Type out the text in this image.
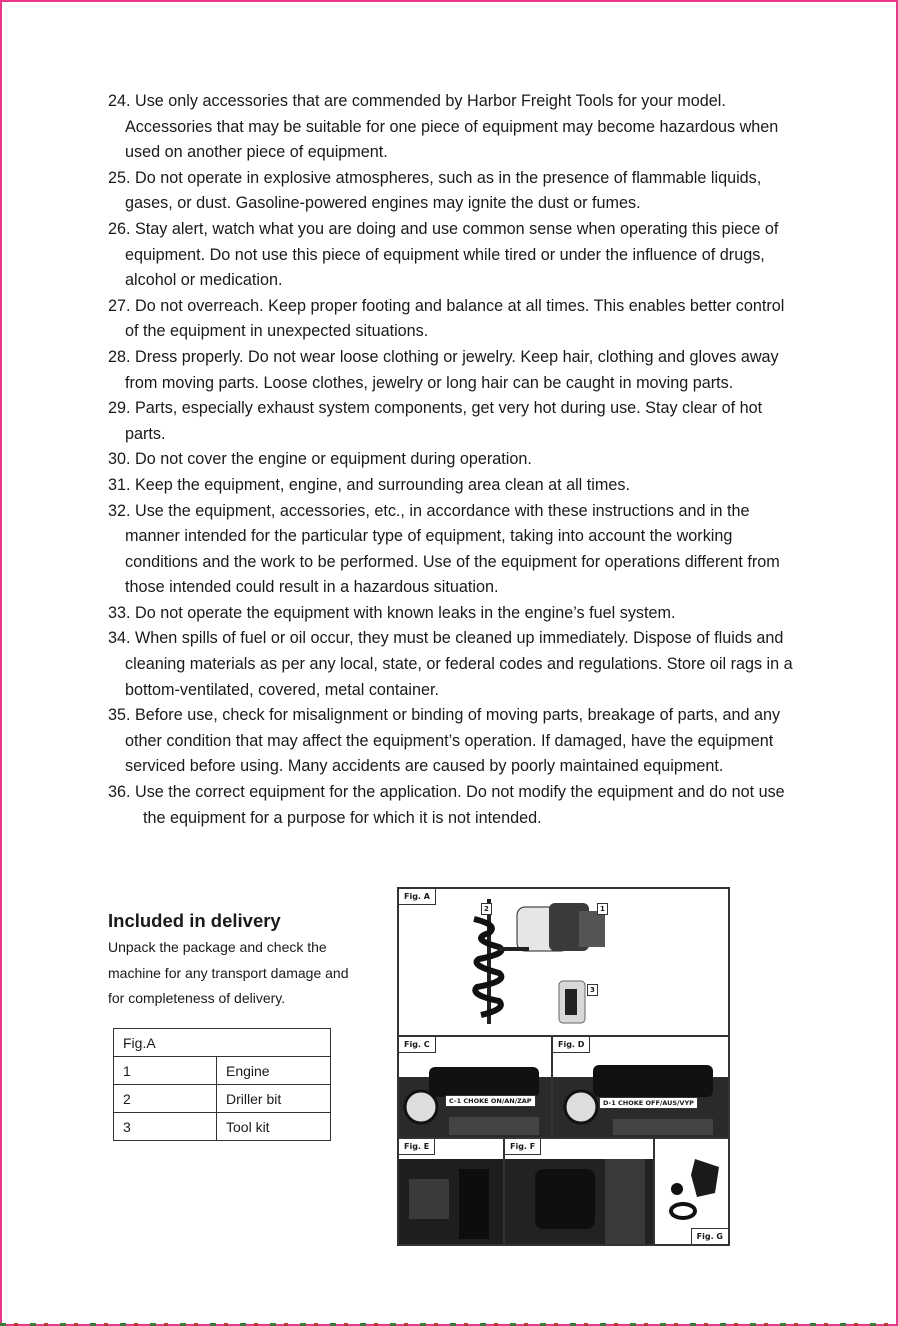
24. Use only accessories that are commended by Harbor Freight Tools for your model. Accessories that may be suitable for one piece of equipment may become hazardous when used on another piece of equipment.

25. Do not operate in explosive atmospheres, such as in the presence of flammable liquids, gases, or dust. Gasoline-powered engines may ignite the dust or fumes.

26. Stay alert, watch what you are doing and use common sense when operating this piece of equipment. Do not use this piece of equipment while tired or under the influence of drugs, alcohol or medication.

27. Do not overreach. Keep proper footing and balance at all times. This enables better control of the equipment in unexpected situations.

28. Dress properly. Do not wear loose clothing or jewelry. Keep hair, clothing and gloves away from moving parts. Loose clothes, jewelry or long hair can be caught in moving parts.

29. Parts, especially exhaust system components, get very hot during use. Stay clear of hot parts.

30. Do not cover the engine or equipment during operation.

31. Keep the equipment, engine, and surrounding area clean at all times.

32. Use the equipment, accessories, etc., in accordance with these instructions and in the manner intended for the particular type of equipment, taking into account the working conditions and the work to be performed. Use of the equipment for operations different from those intended could result in a hazardous situation.

33. Do not operate the equipment with known leaks in the engine’s fuel system.

34. When spills of fuel or oil occur, they must be cleaned up immediately. Dispose of fluids and cleaning materials as per any local, state, or federal codes and regulations. Store oil rags in a bottom-ventilated, covered, metal container.

35. Before use, check for misalignment or binding of moving parts, breakage of parts, and any other condition that may affect the equipment’s operation. If damaged, have the equipment serviced before using. Many accidents are caused by poorly maintained equipment.

36. Use the correct equipment for the application. Do not modify the equipment and do not use the equipment for a purpose for which it is not intended.

Included in delivery

Unpack the package and check the machine for any transport damage and for completeness of delivery.

Fig.A	
1	Engine
2	Driller bit
3	Tool kit
Fig. A
2	1
3
Fig. C
C-1 CHOKE ON/AN/ZAP
Fig. D
D-1 CHOKE OFF/AUS/VYP
Fig. E	Fig. F
Fig. G
